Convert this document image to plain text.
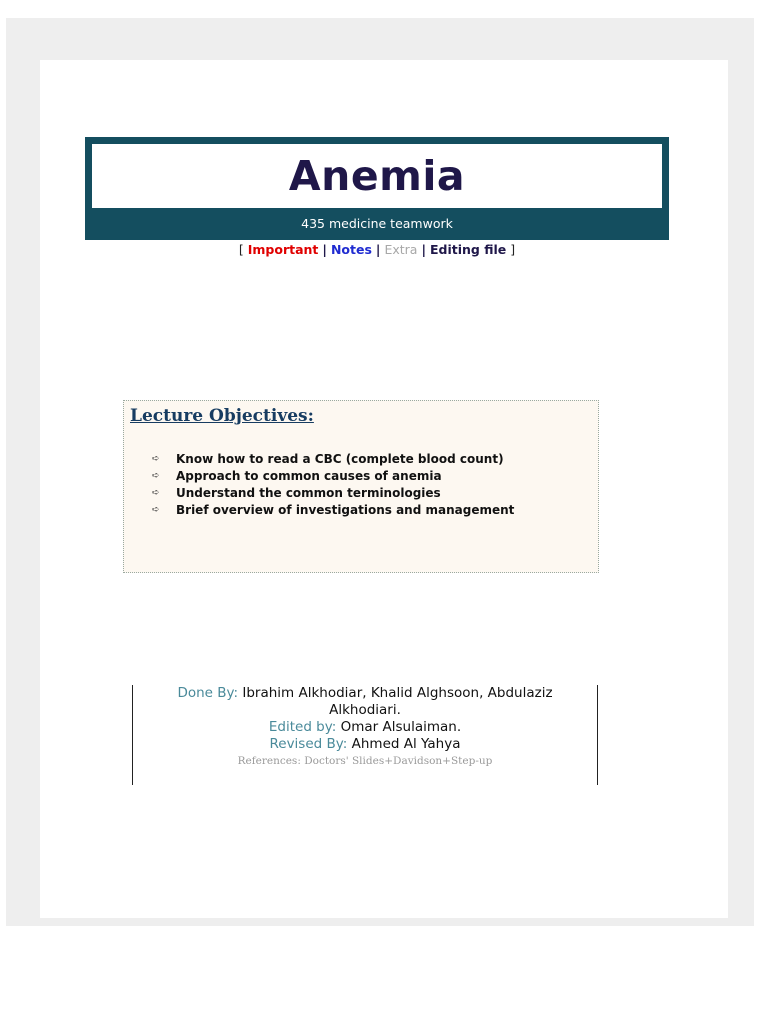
Anemia
435 medicine teamwork
[ Important | Notes | Extra | Editing file ]
Lecture Objectives:
➪	Know how to read a CBC (complete blood count)
➪	Approach to common causes of anemia
➪	Understand the common terminologies
➪	Brief overview of investigations and management
Done By: Ibrahim Alkhodiar, Khalid Alghsoon, Abdulaziz
Alkhodiari.
Edited by: Omar Alsulaiman.
Revised By: Ahmed Al Yahya
References: Doctors' Slides+Davidson+Step-up
